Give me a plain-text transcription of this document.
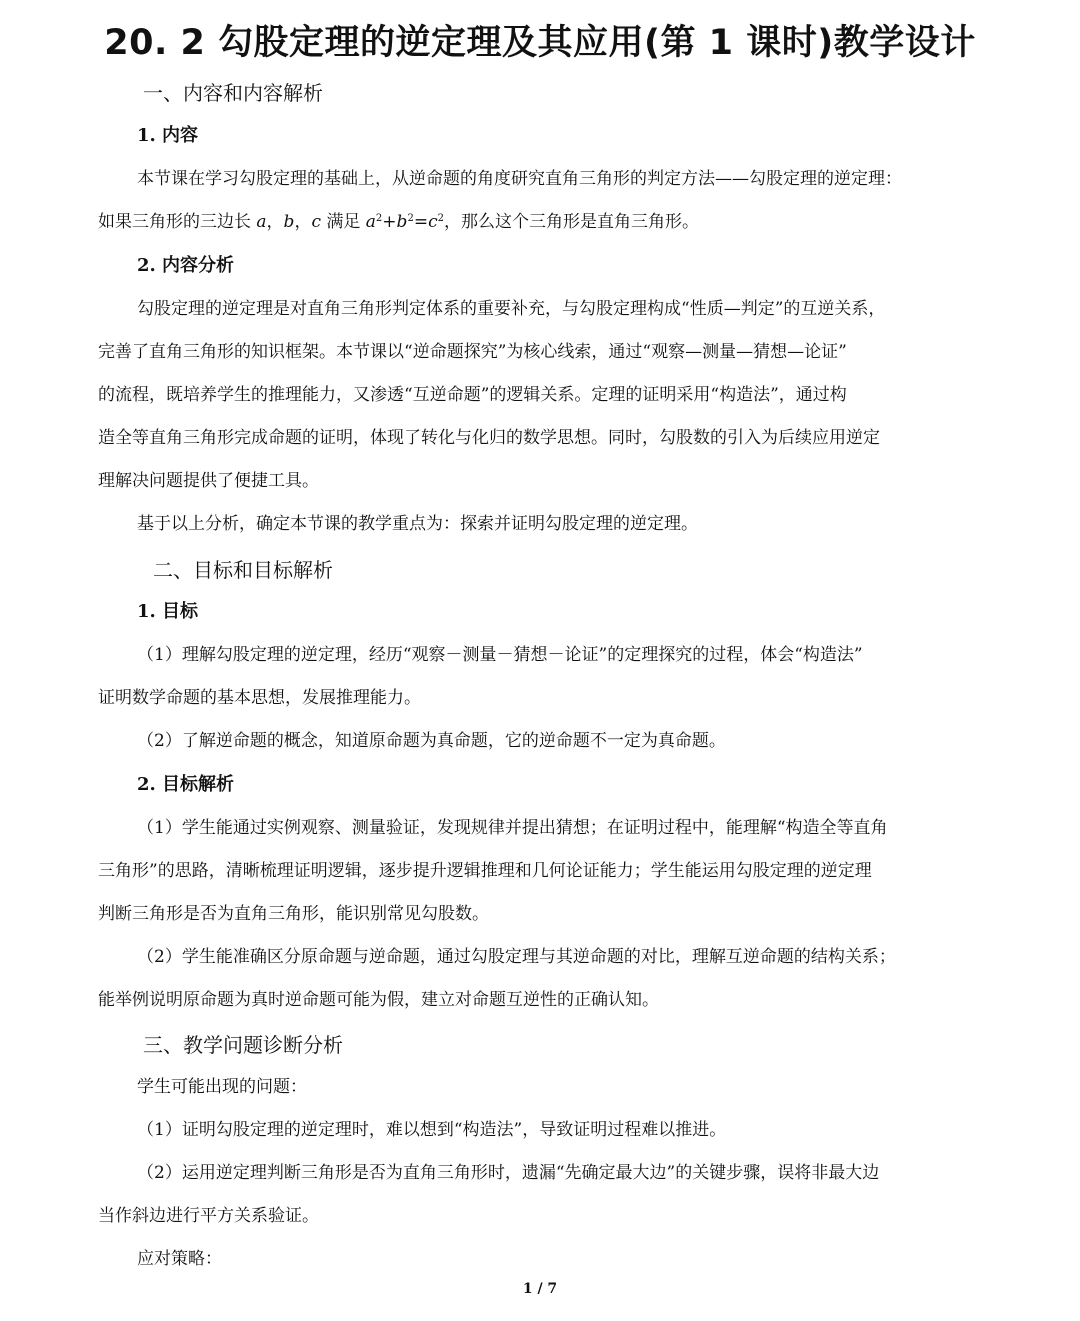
20. 2 勾股定理的逆定理及其应用(第 1 课时)教学设计
一、内容和内容解析
1. 内容
本节课在学习勾股定理的基础上，从逆命题的角度研究直角三角形的判定方法——勾股定理的逆定理：
如果三角形的三边长 a，b，c 满足 $a^2+b^2=c^2$，那么这个三角形是直角三角形。
2. 内容分析
勾股定理的逆定理是对直角三角形判定体系的重要补充，与勾股定理构成“性质—判定”的互逆关系，
完善了直角三角形的知识框架。本节课以“逆命题探究”为核心线索，通过“观察—测量—猜想—论证”
的流程，既培养学生的推理能力，又渗透“互逆命题”的逻辑关系。定理的证明采用“构造法”，通过构
造全等直角三角形完成命题的证明，体现了转化与化归的数学思想。同时，勾股数的引入为后续应用逆定
理解决问题提供了便捷工具。
基于以上分析，确定本节课的教学重点为：探索并证明勾股定理的逆定理。
二、目标和目标解析
1. 目标
（1）理解勾股定理的逆定理，经历“观察－测量－猜想－论证”的定理探究的过程，体会“构造法”
证明数学命题的基本思想，发展推理能力。
（2）了解逆命题的概念，知道原命题为真命题，它的逆命题不一定为真命题。
2. 目标解析
（1）学生能通过实例观察、测量验证，发现规律并提出猜想；在证明过程中，能理解“构造全等直角
三角形”的思路，清晰梳理证明逻辑，逐步提升逻辑推理和几何论证能力；学生能运用勾股定理的逆定理
判断三角形是否为直角三角形，能识别常见勾股数。
（2）学生能准确区分原命题与逆命题，通过勾股定理与其逆命题的对比，理解互逆命题的结构关系；
能举例说明原命题为真时逆命题可能为假，建立对命题互逆性的正确认知。
三、教学问题诊断分析
学生可能出现的问题：
（1）证明勾股定理的逆定理时，难以想到“构造法”，导致证明过程难以推进。
（2）运用逆定理判断三角形是否为直角三角形时，遗漏“先确定最大边”的关键步骤，误将非最大边
当作斜边进行平方关系验证。
应对策略：
1 / 7
